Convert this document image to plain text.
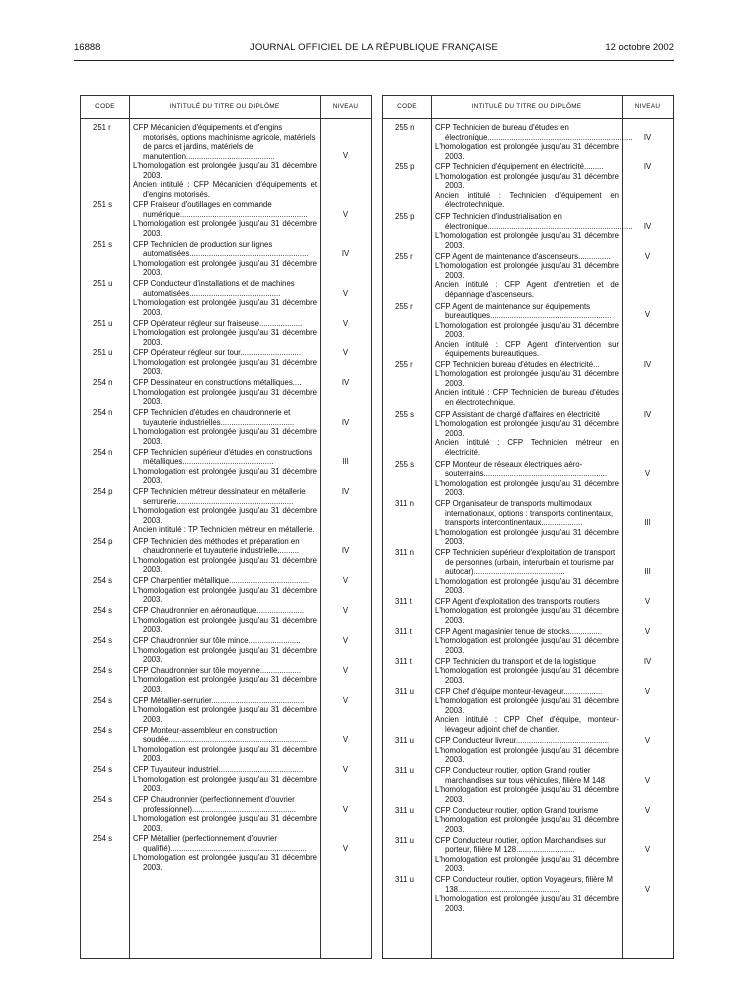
16888	JOURNAL OFFICIEL DE LA RÉPUBLIQUE FRANÇAISE	12 octobre 2002
CODE	INTITULÉ DU TITRE OU DIPLÔME	NIVEAU
251 r	CFP Mécanicien d'équipements et d'engins motorisés, options machinisme agricole, matériels de parcs et jardins, matériels de manutention.........................................
L'homologation est prolongée jusqu'au 31 décembre 2003.
Ancien intitulé : CFP Mécanicien d'équipements et d'engins motorisés.
V
251 s	CFP Fraiseur d'outillages en commande numérique...........................................................
L'homologation est prolongée jusqu'au 31 décembre 2003.
V
251 s	CFP Technicien de production sur lignes automatisées.......................................................
L'homologation est prolongée jusqu'au 31 décembre 2003.
IV
251 u	CFP Conducteur d'installations et de machines automatisées..........................................
L'homologation est prolongée jusqu'au 31 décembre 2003.
V
251 u	CFP Opérateur régleur sur fraiseuse....................
L'homologation est prolongée jusqu'au 31 décembre 2003.
V
251 u	CFP Opérateur régleur sur tour............................
L'homologation est prolongée jusqu'au 31 décembre 2003.
V
254 n	CFP Dessinateur en constructions métalliques....
L'homologation est prolongée jusqu'au 31 décembre 2003.
IV
254 n	CFP Technicien d'études en chaudronnerie et tuyauterie industrielles..................................
L'homologation est prolongée jusqu'au 31 décembre 2003.
IV
254 n	CFP Technicien supérieur d'études en constructions métalliques..........................................
L'homologation est prolongée jusqu'au 31 décembre 2003.
III
254 p	CFP Technicien métreur dessinateur en métallerie serrurerie......................................................
L'homologation est prolongée jusqu'au 31 décembre 2003.
Ancien intitulé : TP Technicien métreur en métallerie.
IV
254 p	CFP Technicien des méthodes et préparation en chaudronnerie et tuyauterie industrielle..........
L'homologation est prolongée jusqu'au 31 décembre 2003.
IV
254 s	CFP Charpentier métallique.....................................
L'homologation est prolongée jusqu'au 31 décembre 2003.
V
254 s	CFP Chaudronnier en aéronautique......................
L'homologation est prolongée jusqu'au 31 décembre 2003.
V
254 s	CFP Chaudronnier sur tôle mince........................
L'homologation est prolongée jusqu'au 31 décembre 2003.
V
254 s	CFP Chaudronnier sur tôle moyenne...................
L'homologation est prolongée jusqu'au 31 décembre 2003.
V
254 s	CFP Métallier-serrurier...........................................
L'homologation est prolongée jusqu'au 31 décembre 2003.
V
254 s	CFP Monteur-assembleur en construction soudée................................................................
L'homologation est prolongée jusqu'au 31 décembre 2003.
V
254 s	CFP Tuyauteur industriel.......................................
L'homologation est prolongée jusqu'au 31 décembre 2003.
V
254 s	CFP Chaudronnier (perfectionnement d'ouvrier professionnel)................................................
L'homologation est prolongée jusqu'au 31 décembre 2003.
V
254 s	CFP Métallier (perfectionnement d'ouvrier qualifié)...............................................................
L'homologation est prolongée jusqu'au 31 décembre 2003.
V
CODE	INTITULÉ DU TITRE OU DIPLÔME	NIVEAU
255 n	CFP Technicien de bureau d'études en électronique...................................................................
L'homologation est prolongée jusqu'au 31 décembre 2003.
IV
255 p	CFP Technicien d'équipement en électricité.........
L'homologation est prolongée jusqu'au 31 décembre 2003.
Ancien intitulé : Technicien d'équipement en électrotechnique.
IV
255 p	CFP Technicien d'industrialisation en électronique...................................................................
L'homologation est prolongée jusqu'au 31 décembre 2003.
IV
255 r	CFP Agent de maintenance d'ascenseurs...............
L'homologation est prolongée jusqu'au 31 décembre 2003.
Ancien intitulé : CFP Agent d'entretien et de dépannage d'ascenseurs.
V
255 r	CFP Agent de maintenance sur équipements bureautiques........................................................
L'homologation est prolongée jusqu'au 31 décembre 2003.
Ancien intitulé : CFP Agent d'intervention sur équipements bureautiques.
V
255 r	CFP Technicien bureau d'études en électricité...
L'homologation est prolongée jusqu'au 31 décembre 2003.
Ancien intitulé : CFP Technicien de bureau d'études en électrotechnique.
IV
255 s	CFP Assistant de chargé d'affaires en électricité
L'homologation est prolongée jusqu'au 31 décembre 2003.
Ancien intitulé : CFP Technicien métreur en électricité.
IV
255 s	CFP Monteur de réseaux électriques aéro-souterrains.........................................................
L'homologation est prolongée jusqu'au 31 décembre 2003.
V
311 n	CFP Organisateur de transports multimodaux internationaux, options : transports continentaux, transports intercontinentaux...................
L'homologation est prolongée jusqu'au 31 décembre 2003.
III
311 n	CFP Technicien supérieur d'exploitation de transport de personnes (urbain, interurbain et tourisme par autocar)..........................................
L'homologation est prolongée jusqu'au 31 décembre 2003.
III
311 t	CFP Agent d'exploitation des transports routiers
L'homologation est prolongée jusqu'au 31 décembre 2003.
V
311 t	CFP Agent magasinier tenue de stocks...............
L'homologation est prolongée jusqu'au 31 décembre 2003.
V
311 t	CFP Technicien du transport et de la logistique
L'homologation est prolongée jusqu'au 31 décembre 2003.
IV
311 u	CFP Chef d'équipe monteur-levageur..................
L'homologation est prolongée jusqu'au 31 décembre 2003.
Ancien intitulé : CPP Chef d'équipe, monteur-levageur adjoint chef de chantier.
V
311 u	CFP Conducteur livreur...........................................
L'homologation est prolongée jusqu'au 31 décembre 2003.
V
311 u	CFP Conducteur routier, option Grand routier marchandises sur tous véhicules, filière M 148
L'homologation est prolongée jusqu'au 31 décembre 2003.
V
311 u	CFP Conducteur routier, option Grand tourisme
L'homologation est prolongée jusqu'au 31 décembre 2003.
V
311 u	CFP Conducteur routier, option Marchandises sur porteur, filière M 128...........................
L'homologation est prolongée jusqu'au 31 décembre 2003.
V
311 u	CFP Conducteur routier, option Voyageurs, filière M 138...............................................
L'homologation est prolongée jusqu'au 31 décembre 2003.
V
